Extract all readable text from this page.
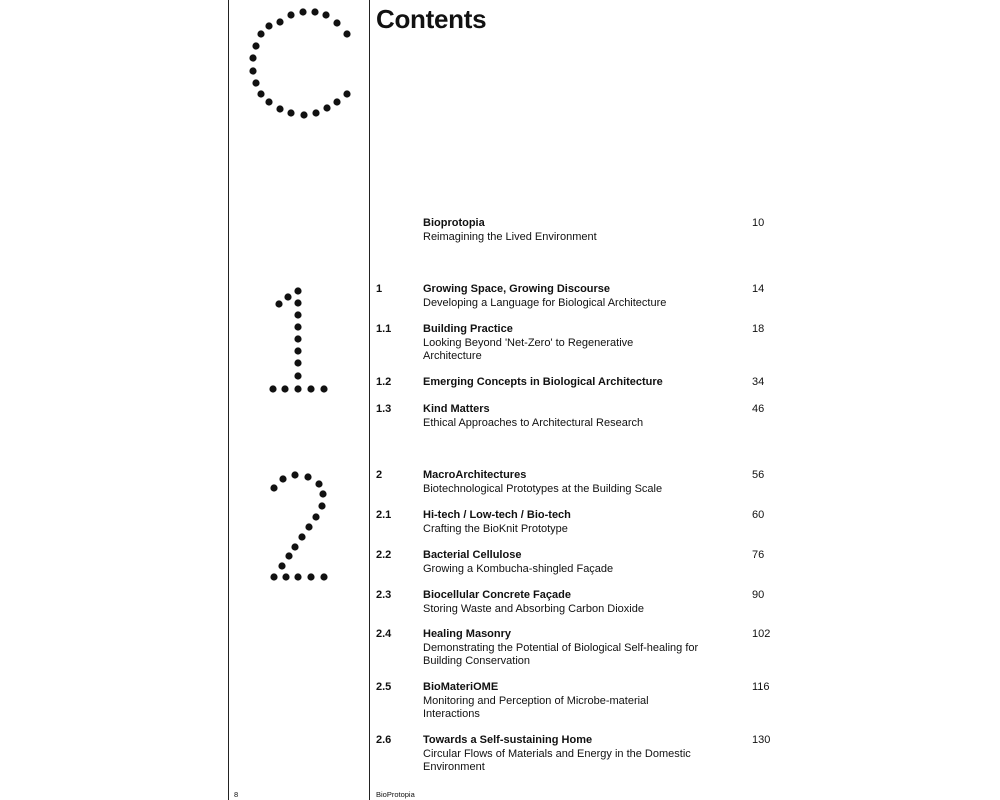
Contents
Bioprotopia
Reimagining the Lived Environment
10
1	Growing Space, Growing Discourse
Developing a Language for Biological Architecture
14
1.1	Building Practice
Looking Beyond 'Net-Zero' to Regenerative Architecture
18
1.2	Emerging Concepts in Biological Architecture	34
1.3	Kind Matters
Ethical Approaches to Architectural Research
46
2	MacroArchitectures
Biotechnological Prototypes at the Building Scale
56
2.1	Hi-tech / Low-tech / Bio-tech
Crafting the BioKnit Prototype
60
2.2	Bacterial Cellulose
Growing a Kombucha-shingled Façade
76
2.3	Biocellular Concrete Façade
Storing Waste and Absorbing Carbon Dioxide
90
2.4	Healing Masonry
Demonstrating the Potential of Biological Self-healing for Building Conservation
102
2.5	BioMateriOME
Monitoring and Perception of Microbe-material Interactions
116
2.6	Towards a Self-sustaining Home
Circular Flows of Materials and Energy in the Domestic Environment
130
8	BioProtopia
